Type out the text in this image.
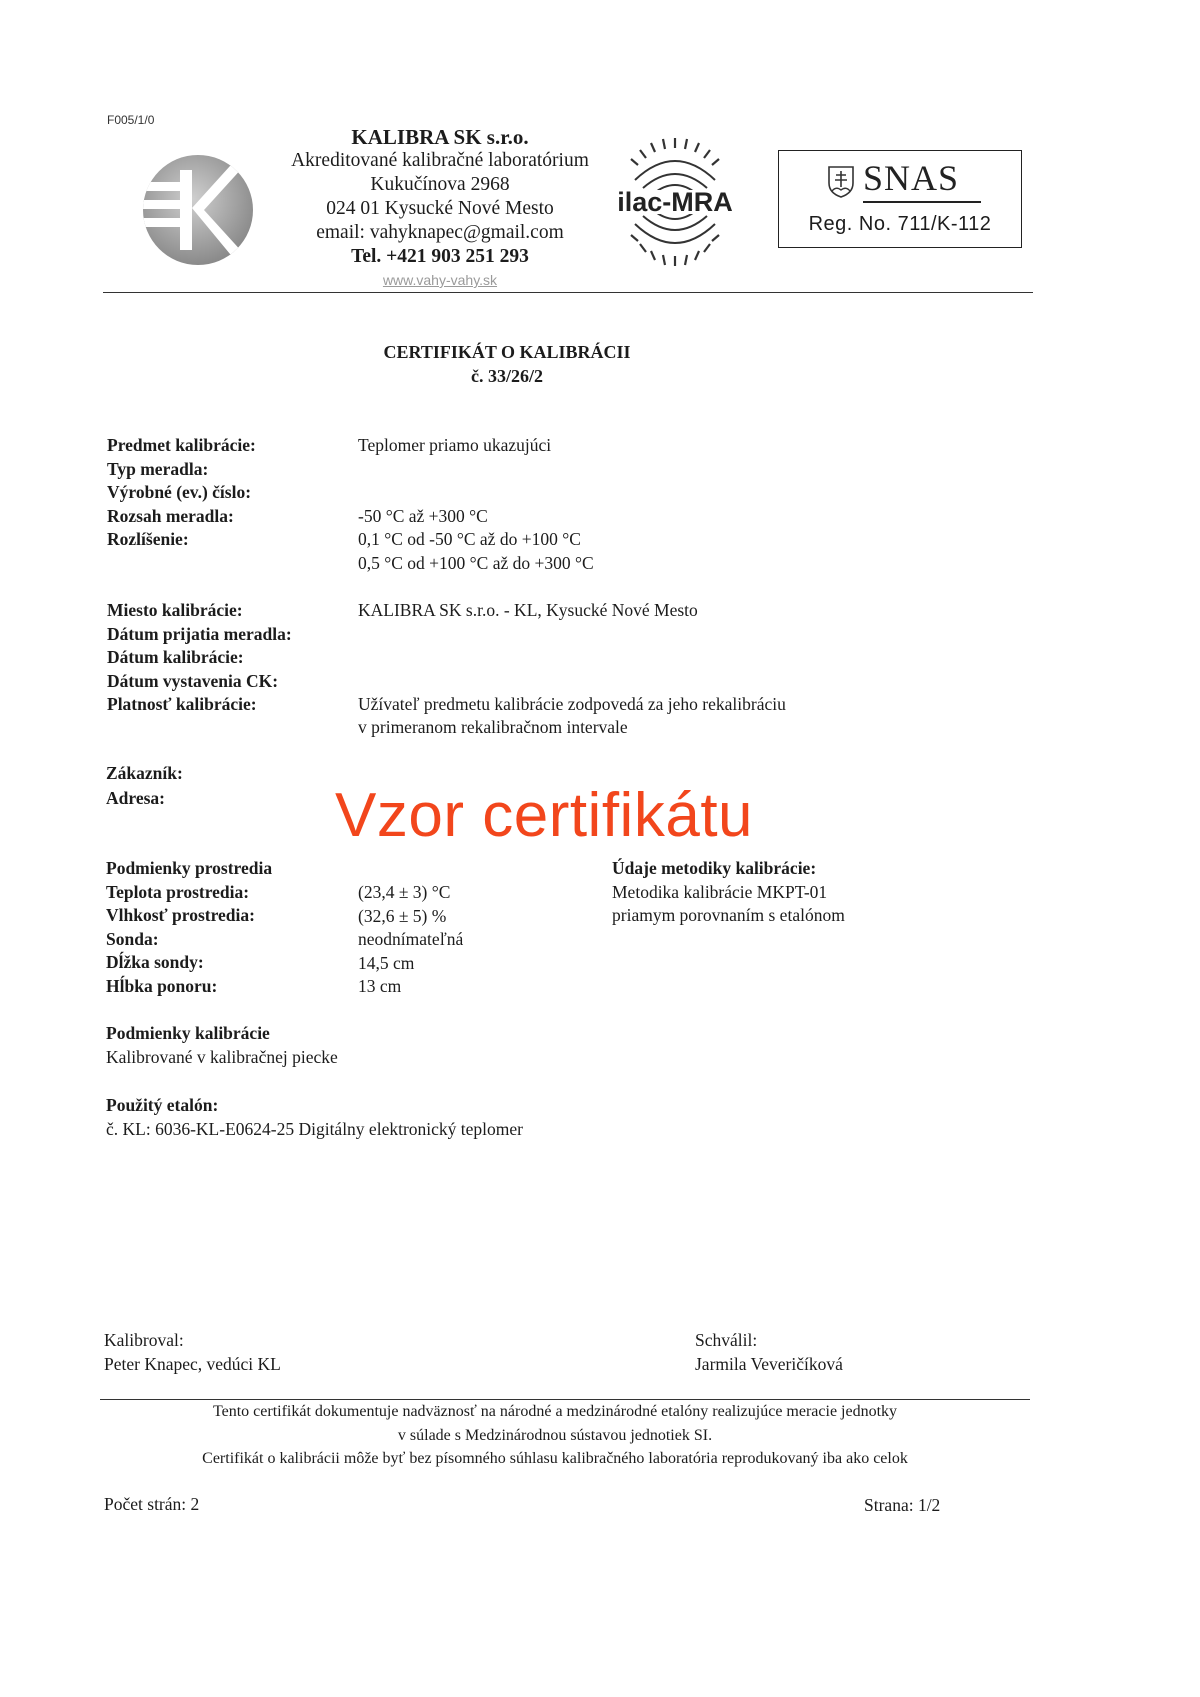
F005/1/0
KALIBRA SK s.r.o.
Akreditované kalibračné laboratórium
Kukučínova 2968
024 01 Kysucké Nové Mesto
email: vahyknapec@gmail.com
Tel. +421 903 251 293
www.vahy-vahy.sk
ilac-MRA
SNAS
Reg. No. 711/K-112
CERTIFIKÁT O KALIBRÁCII
č. 33/26/2
Predmet kalibrácie:
Typ meradla:
Výrobné (ev.) číslo:
Rozsah meradla:
Rozlíšenie:
Teplomer priamo ukazujúci
-50 °C až +300 °C
0,1 °C od -50 °C až do +100 °C
0,5 °C od +100 °C až do +300 °C
Miesto kalibrácie:
Dátum prijatia meradla:
Dátum kalibrácie:
Dátum vystavenia CK:
Platnosť kalibrácie:
KALIBRA SK s.r.o. - KL, Kysucké Nové Mesto
Užívateľ predmetu kalibrácie zodpovedá za jeho rekalibráciu
v primeranom rekalibračnom intervale
Zákazník:
Adresa:	Vzor certifikátu
Podmienky prostredia
Teplota prostredia:
Vlhkosť prostredia:
Sonda:
Dĺžka sondy:
Hĺbka ponoru:
(23,4 ± 3) °C
(32,6 ± 5) %
neodnímateľná
14,5 cm
13 cm
Údaje metodiky kalibrácie:
Metodika kalibrácie MKPT-01
priamym porovnaním s etalónom
Podmienky kalibrácie
Kalibrované v kalibračnej piecke
Použitý etalón:
č. KL: 6036-KL-E0624-25 Digitálny elektronický teplomer
Kalibroval:
Peter Knapec, vedúci KL
Schválil:
Jarmila Veveričíková
Tento certifikát dokumentuje nadväznosť na národné a medzinárodné etalóny realizujúce meracie jednotky
v súlade s Medzinárodnou sústavou jednotiek SI.
Certifikát o kalibrácii môže byť bez písomného súhlasu kalibračného laboratória reprodukovaný iba ako celok
Počet strán: 2	Strana: 1/2
